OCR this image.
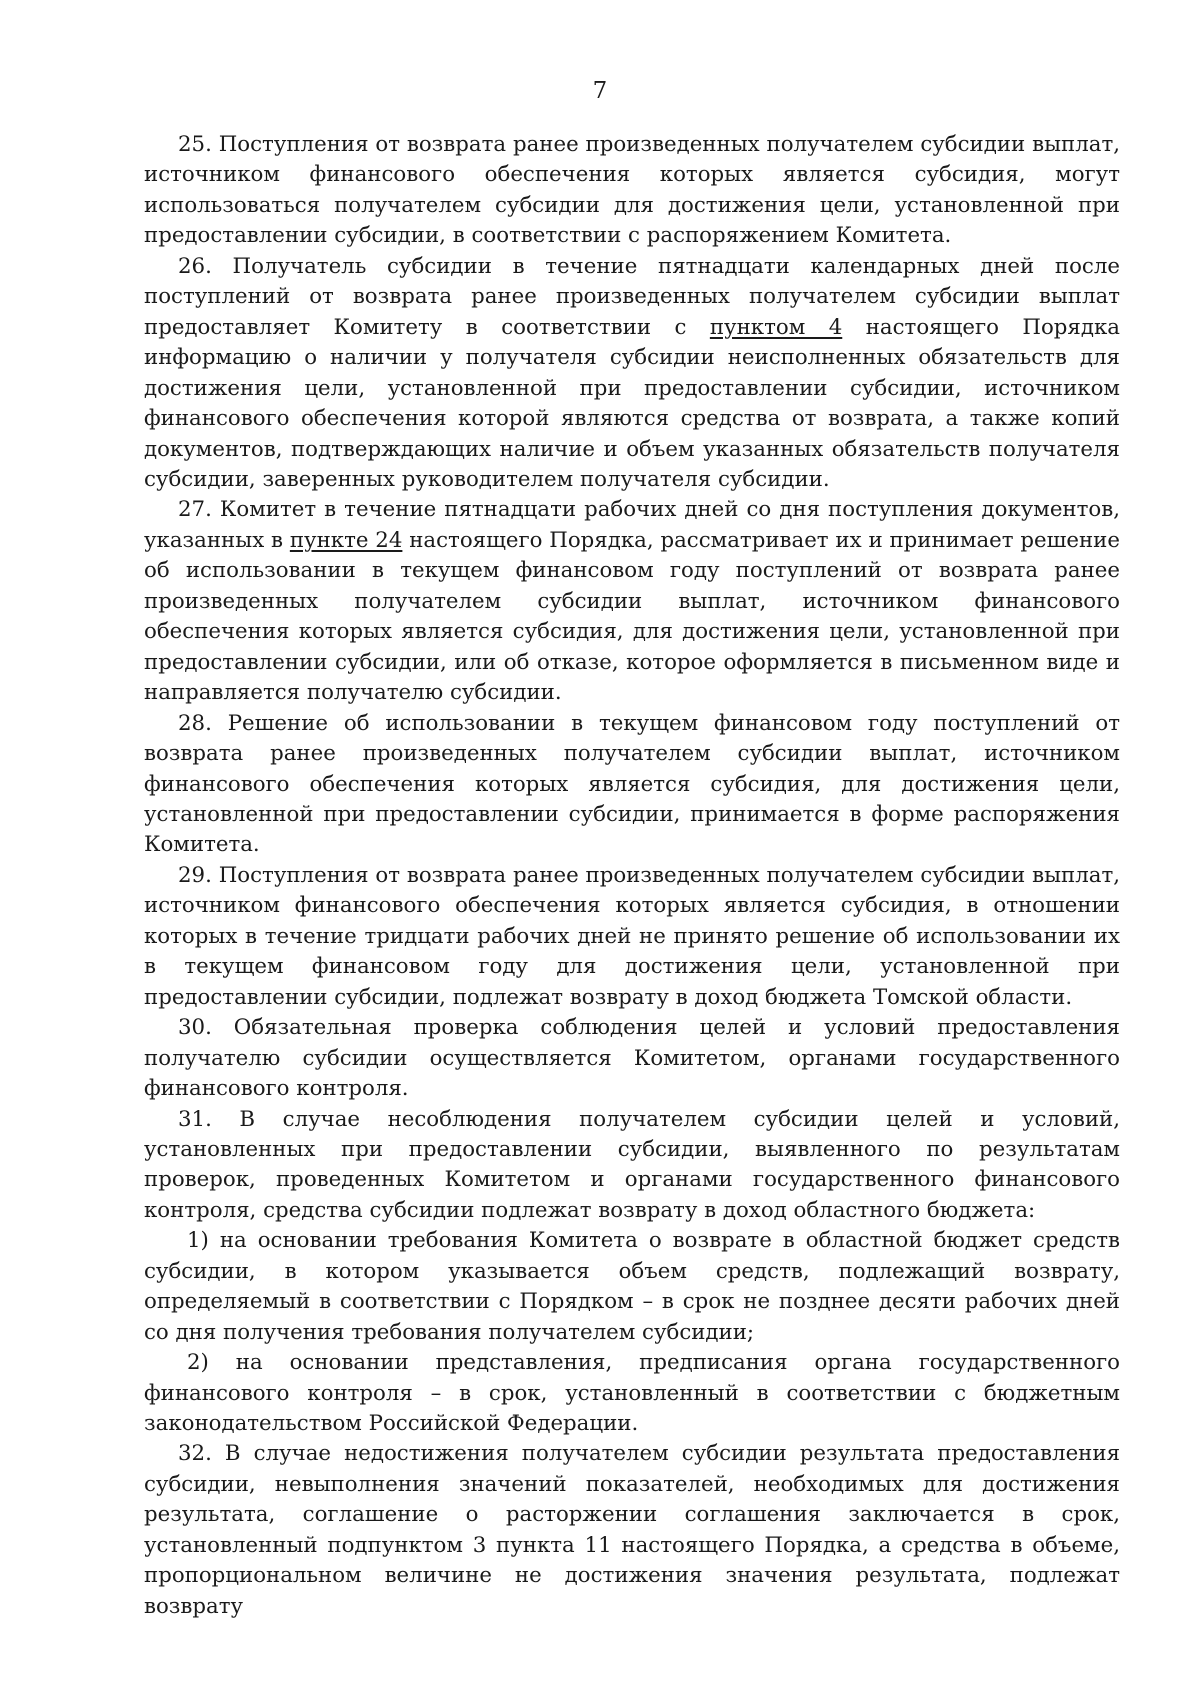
7

25. Поступления от возврата ранее произведенных получателем субсидии выплат, источником финансового обеспечения которых является субсидия, могут использоваться получателем субсидии для достижения цели, установленной при предоставлении субсидии, в соответствии с распоряжением Комитета.

26. Получатель субсидии в течение пятнадцати календарных дней после поступлений от возврата ранее произведенных получателем субсидии выплат предоставляет Комитету в соответствии с пунктом 4 настоящего Порядка информацию о наличии у получателя субсидии неисполненных обязательств для достижения цели, установленной при предоставлении субсидии, источником финансового обеспечения которой являются средства от возврата, а также копий документов, подтверждающих наличие и объем указанных обязательств получателя субсидии, заверенных руководителем получателя субсидии.

27. Комитет в течение пятнадцати рабочих дней со дня поступления документов, указанных в пункте 24 настоящего Порядка, рассматривает их и принимает решение об использовании в текущем финансовом году поступлений от возврата ранее произведенных получателем субсидии выплат, источником финансового обеспечения которых является субсидия, для достижения цели, установленной при предоставлении субсидии, или об отказе, которое оформляется в письменном виде и направляется получателю субсидии.

28. Решение об использовании в текущем финансовом году поступлений от возврата ранее произведенных получателем субсидии выплат, источником финансового обеспечения которых является субсидия, для достижения цели, установленной при предоставлении субсидии, принимается в форме распоряжения Комитета.

29. Поступления от возврата ранее произведенных получателем субсидии выплат, источником финансового обеспечения которых является субсидия, в отношении которых в течение тридцати рабочих дней не принято решение об использовании их в текущем финансовом году для достижения цели, установленной при предоставлении субсидии, подлежат возврату в доход бюджета Томской области.

30. Обязательная проверка соблюдения целей и условий предоставления получателю субсидии осуществляется Комитетом, органами государственного финансового контроля.

31. В случае несоблюдения получателем субсидии целей и условий, установленных при предоставлении субсидии, выявленного по результатам проверок, проведенных Комитетом и органами государственного финансового контроля, средства субсидии подлежат возврату в доход областного бюджета:

1) на основании требования Комитета о возврате в областной бюджет средств субсидии, в котором указывается объем средств, подлежащий возврату, определяемый в соответствии с Порядком – в срок не позднее десяти рабочих дней со дня получения требования получателем субсидии;

2) на основании представления, предписания органа государственного финансового контроля – в срок, установленный в соответствии с бюджетным законодательством Российской Федерации.

32. В случае недостижения получателем субсидии результата предоставления субсидии, невыполнения значений показателей, необходимых для достижения результата, соглашение о расторжении соглашения заключается в срок, установленный подпунктом 3 пункта 11 настоящего Порядка, а средства в объеме, пропорциональном величине не достижения значения результата, подлежат возврату
